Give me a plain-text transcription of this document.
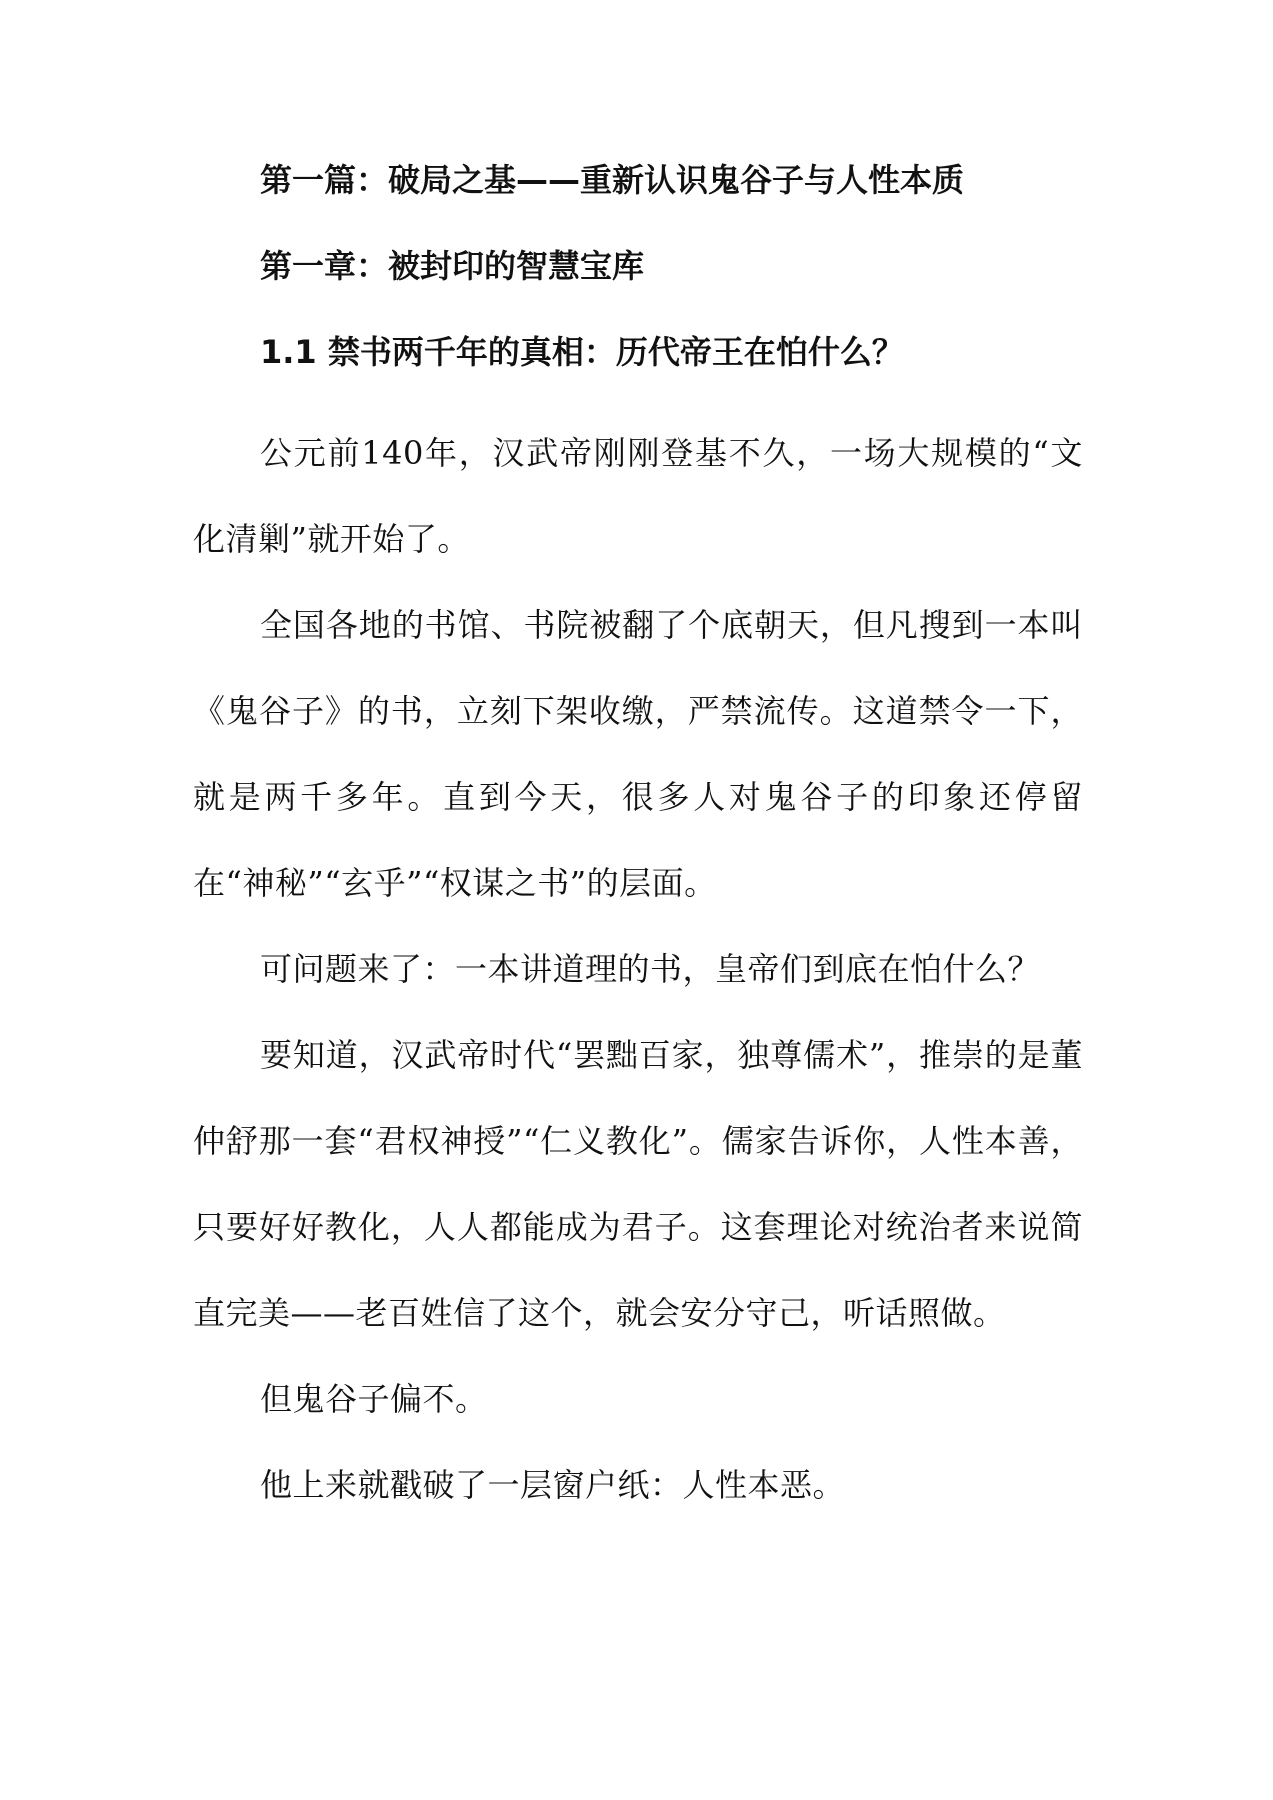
第一篇：破局之基——重新认识鬼谷子与人性本质
第一章：被封印的智慧宝库
1.1 禁书两千年的真相：历代帝王在怕什么？

公元前140年，汉武帝刚刚登基不久，一场大规模的“文化清剿”就开始了。

全国各地的书馆、书院被翻了个底朝天，但凡搜到一本叫《鬼谷子》的书，立刻下架收缴，严禁流传。这道禁令一下，就是两千多年。直到今天，很多人对鬼谷子的印象还停留在“神秘”“玄乎”“权谋之书”的层面。

可问题来了：一本讲道理的书，皇帝们到底在怕什么？

要知道，汉武帝时代“罢黜百家，独尊儒术”，推崇的是董仲舒那一套“君权神授”“仁义教化”。儒家告诉你，人性本善，只要好好教化，人人都能成为君子。这套理论对统治者来说简直完美——老百姓信了这个，就会安分守己，听话照做。

但鬼谷子偏不。

他上来就戳破了一层窗户纸：人性本恶。
